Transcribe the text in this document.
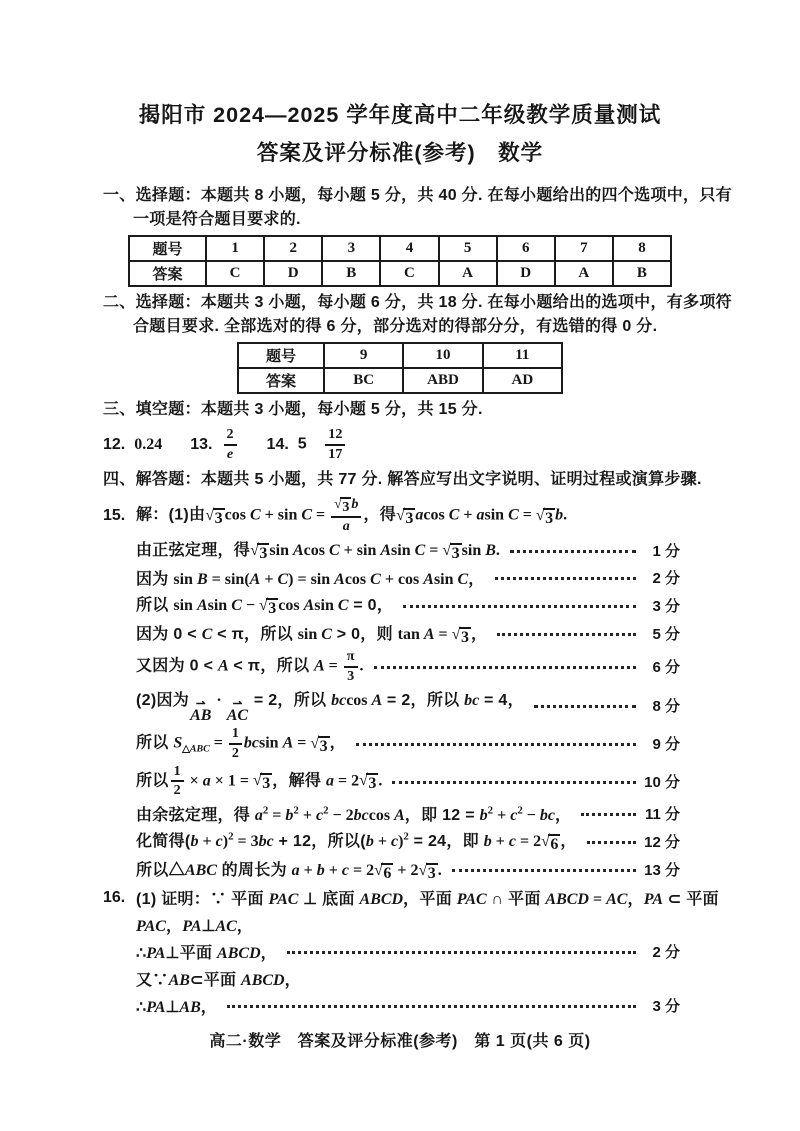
揭阳市 2024—2025 学年度高中二年级教学质量测试
答案及评分标准(参考)　数学
一、选择题：本题共 8 小题，每小题 5 分，共 40 分. 在每小题给出的四个选项中，只有
一项是符合题目要求的.
题号	1	2	3	4	5	6	7	8
答案	C	D	B	C	A	D	A	B
二、选择题：本题共 3 小题，每小题 6 分，共 18 分. 在每小题给出的选项中，有多项符
合题目要求. 全部选对的得 6 分，部分选对的得部分分，有选错的得 0 分.
题号	9	10	11
答案	BC	ABD	AD
三、填空题：本题共 3 小题，每小题 5 分，共 15 分.
12. 0.24 13. $\frac{2}{e} 14$. 5　 $\frac{12}{17}$
四、解答题：本题共 5 小题，共 77 分. 解答应写出文字说明、证明过程或演算步骤.
15. 解：(1)由 √ 3 $\cos C + \sin C = \frac{√ 3 b}{a}$ ，得 √ 3 acos C + asin C = √ 3 b.
由正弦定理，得 √ 3 sin Acos C + sin Asin C = √ 3 sin B.	1 分
因为 sin B = sin(A + C) = sin Acos C + cos Asin C，	2 分
所以 sin Asin C − √ 3 cos Asin C = 0，	3 分
因为 0 < C < π，所以 sin C > 0，则 tan A = √ 3 ，	5 分
又因为 0 < A < π，所以 $A = \frac{\pi}{3}$ .	6 分
(2)因为 ⇀
AB
· ⇀
AC
= 2，所以 bccos A = 2，所以 bc = 4，	8 分
所以 $S_{\triangle ABC} = \frac{1}{2}$ bcsin A = √ 3 ，	9 分
所以 $\frac{1}{2} \times a \times 1$ = √ 3 ，解得 a = 2 √ 3 .	10 分
由余弦定理，得 $a^2 = b^2 + c^2 - 2bccos$ A，即 $12 = b^2 + c^2$ − bc，	11 分
化简得$(b + c)^2 = 3bc + 12$，所以$(b + c)^2 = 24$，即 b + c = 2 √ 6 ，	12 分
所以△ABC 的周长为 a + b + c = 2 √ 6 + 2 √ 3 .	13 分
16. (1) 证明：∵ 平面 PAC ⊥ 底面 ABCD，平面 PAC ∩ 平面 ABCD = AC，PA ⊂ 平面
PAC，PA⊥AC，
∴PA⊥平面 ABCD，	2 分
又∵AB⊂平面 ABCD，
∴PA⊥AB，	3 分
高二·数学　答案及评分标准(参考)　第 1 页(共 6 页)
